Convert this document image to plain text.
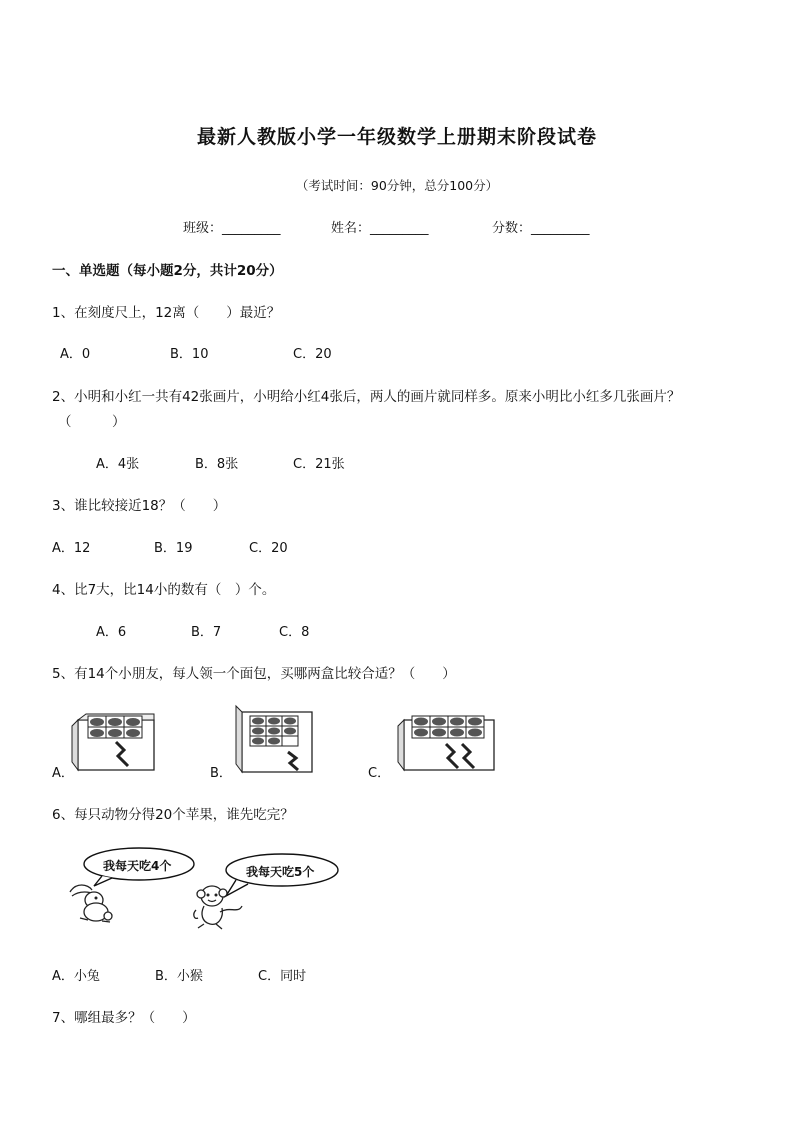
最新人教版小学一年级数学上册期末阶段试卷
（考试时间：90分钟，总分100分）
班级：_________	姓名：_________	分数：_________
一、单选题（每小题2分，共计20分）
1、在刻度尺上，12离（　　）最近？
A．0	B．10	C．20
2、小明和小红一共有42张画片，小明给小红4张后，两人的画片就同样多。原来小明比小红多几张画片？
（　　　）
A．4张	B．8张	C．21张
3、谁比较接近18？（　　）
A．12	B．19	C．20
4、比7大，比14小的数有（　）个。
A．6	B．7	C．8
5、有14个小朋友，每人领一个面包，买哪两盒比较合适？（　　）
A．	B．	C．
6、每只动物分得20个苹果，谁先吃完？
我每天吃4个	我每天吃5个
A．小兔	B．小猴	C．同时
7、哪组最多？（　　）
